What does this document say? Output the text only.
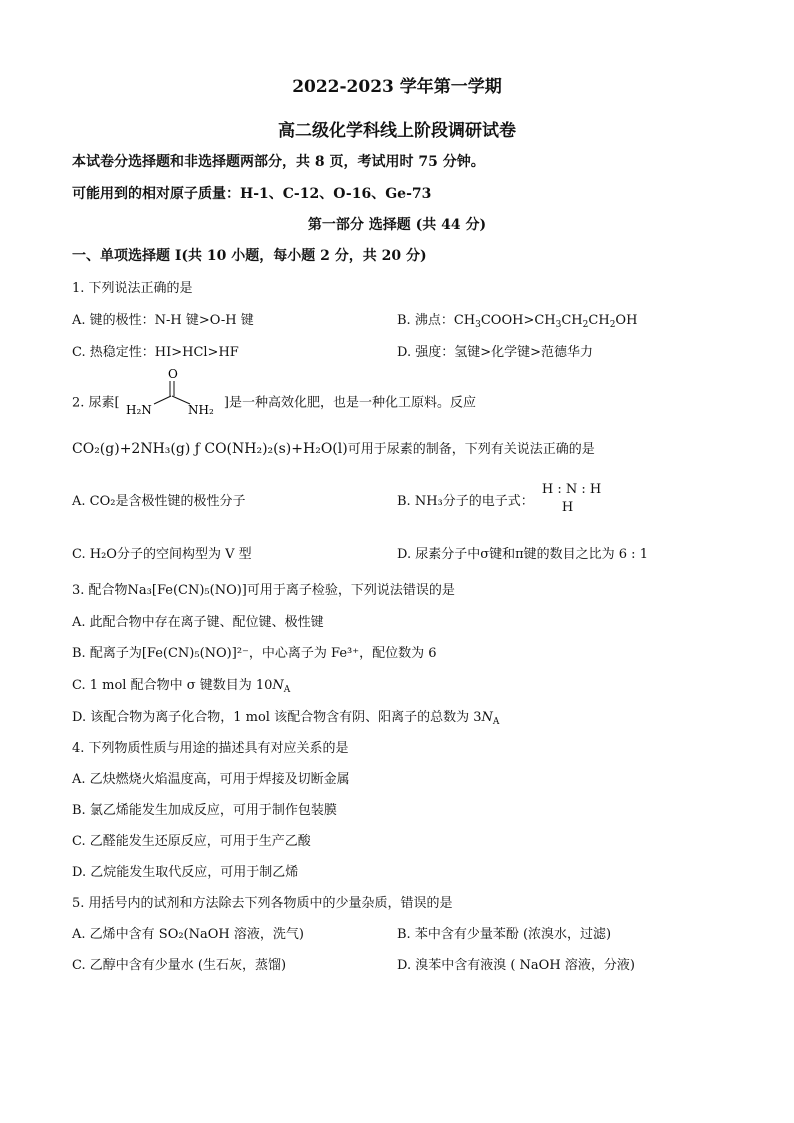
2022-2023 学年第一学期
高二级化学科线上阶段调研试卷
本试卷分选择题和非选择题两部分，共 8 页，考试用时 75 分钟。
可能用到的相对原子质量：H-1、C-12、O-16、Ge-73
第一部分 选择题 (共 44 分)
一、单项选择题 I(共 10 小题，每小题 2 分，共 20 分)
1. 下列说法正确的是
A. 键的极性：N-H 键>O-H 键	B. 沸点：$CH_3COOH>CH_3CH_2CH_2OH$
C. 热稳定性：HI>HCl>HF	D. 强度：氢键>化学键>范德华力
2. 尿素[
O
H₂N	NH₂ ]是一种高效化肥，也是一种化工原料。反应
CO₂(g)+2NH₃(g) ƒ CO(NH₂)₂(s)+H₂O(l)可用于尿素的制备，下列有关说法正确的是
A. CO₂是含极性键的极性分子	B. NH₃分子的电子式：
H : N : H
H
C. H₂O分子的空间构型为 V 型	D. 尿素分子中σ键和π键的数目之比为 6 : 1
3. 配合物Na₃[Fe(CN)₅(NO)]可用于离子检验，下列说法错误的是
A. 此配合物中存在离子键、配位键、极性键
B. 配离子为[Fe(CN)₅(NO)]²⁻，中心离子为 Fe³⁺，配位数为 6
C. 1 mol 配合物中 σ 键数目为 $10N_A$
D. 该配合物为离子化合物，1 mol 该配合物含有阴、阳离子的总数为 $3N_A$
4. 下列物质性质与用途的描述具有对应关系的是
A. 乙炔燃烧火焰温度高，可用于焊接及切断金属
B. 氯乙烯能发生加成反应，可用于制作包装膜
C. 乙醛能发生还原反应，可用于生产乙酸
D. 乙烷能发生取代反应，可用于制乙烯
5. 用括号内的试剂和方法除去下列各物质中的少量杂质，错误的是
A. 乙烯中含有 SO₂(NaOH 溶液，洗气)	B. 苯中含有少量苯酚 (浓溴水，过滤)
C. 乙醇中含有少量水 (生石灰，蒸馏)	D. 溴苯中含有液溴 ( NaOH 溶液，分液)
